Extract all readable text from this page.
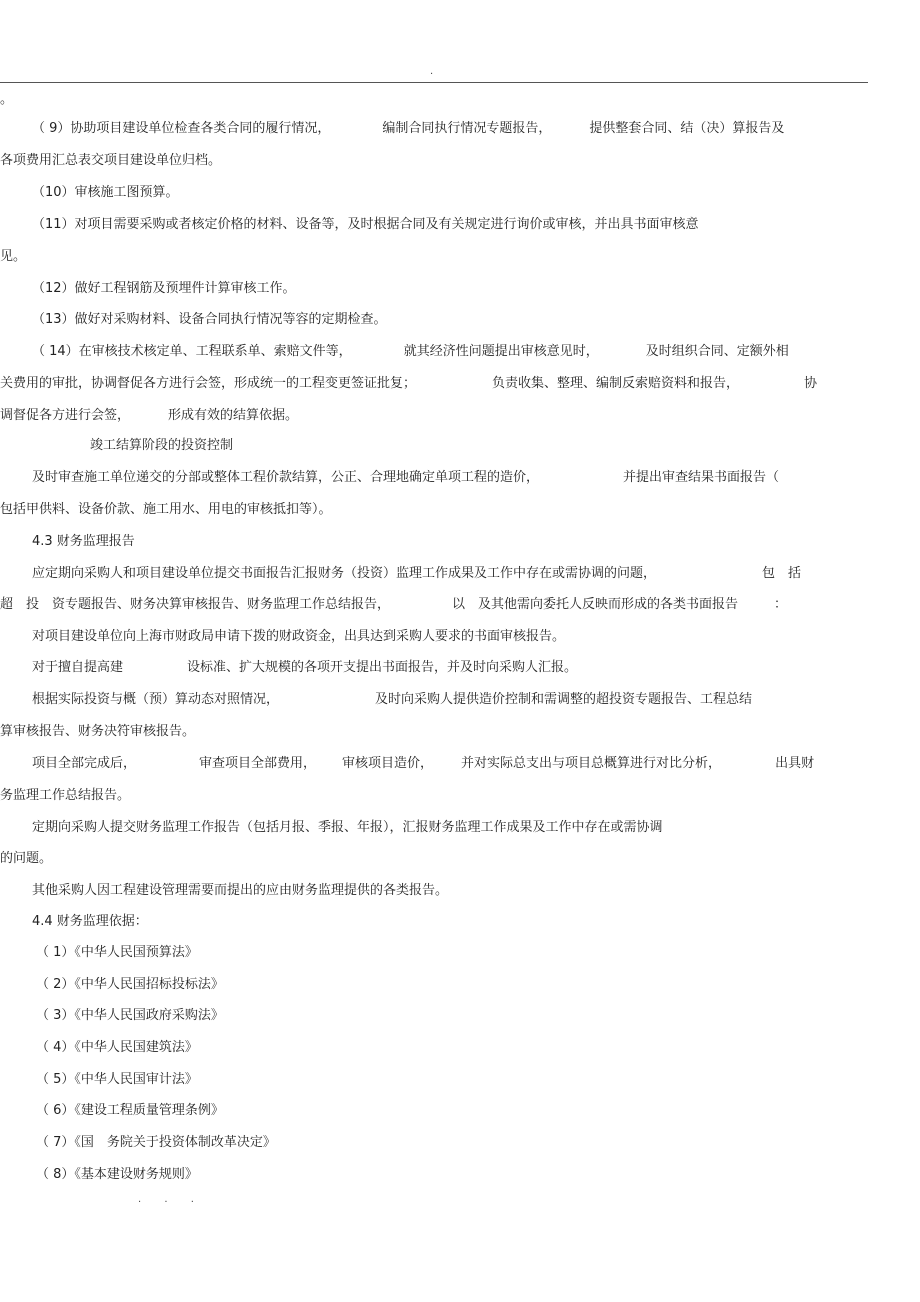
.
。
（ 9）协助项目建设单位检查各类合同的履行情况，	编制合同执行情况专题报告，	提供整套合同、结（决）算报告及
各项费用汇总表交项目建设单位归档。
（10）审核施工图预算。
（11）对项目需要采购或者核定价格的材料、设备等，及时根据合同及有关规定进行询价或审核，并出具书面审核意
见。
（12）做好工程钢筋及预埋件计算审核工作。
（13）做好对采购材料、设备合同执行情况等容的定期检查。
（ 14）在审核技术核定单、工程联系单、索赔文件等，	就其经济性问题提出审核意见时，	及时组织合同、定额外相
关费用的审批，协调督促各方进行会签，形成统一的工程变更签证批复；	负责收集、整理、编制反索赔资料和报告，	协
调督促各方进行会签，	形成有效的结算依据。
竣工结算阶段的投资控制
及时审查施工单位递交的分部或整体工程价款结算，公正、合理地确定单项工程的造价，	并提出审查结果书面报告（
包括甲供料、设备价款、施工用水、用电的审核抵扣等）。
4.3 财务监理报告
应定期向采购人和项目建设单位提交书面报告汇报财务（投资）监理工作成果及工作中存在或需协调的问题，	包　括
超　投　资专题报告、财务决算审核报告、财务监理工作总结报告，	以　及其他需向委托人反映而形成的各类书面报告	：
对项目建设单位向上海市财政局申请下拨的财政资金，出具达到采购人要求的书面审核报告。
对于擅自提高建	设标准、扩大规模的各项开支提出书面报告，并及时向采购人汇报。
根据实际投资与概（预）算动态对照情况，	及时向采购人提供造价控制和需调整的超投资专题报告、工程总结
算审核报告、财务决符审核报告。
项目全部完成后，	审查项目全部费用， 审核项目造价， 并对实际总支出与项目总概算进行对比分析，	出具财
务监理工作总结报告。
定期向采购人提交财务监理工作报告（包括月报、季报、年报），汇报财务监理工作成果及工作中存在或需协调
的问题。
其他采购人因工程建设管理需要而提出的应由财务监理提供的各类报告。
4.4 财务监理依据：
（ 1）《中华人民国预算法》
（ 2）《中华人民国招标投标法》
（ 3）《中华人民国政府采购法》
（ 4）《中华人民国建筑法》
（ 5）《中华人民国审计法》
（ 6）《建设工程质量管理条例》
（ 7）《国　务院关于投资体制改革决定》
（ 8）《基本建设财务规则》
. . .
